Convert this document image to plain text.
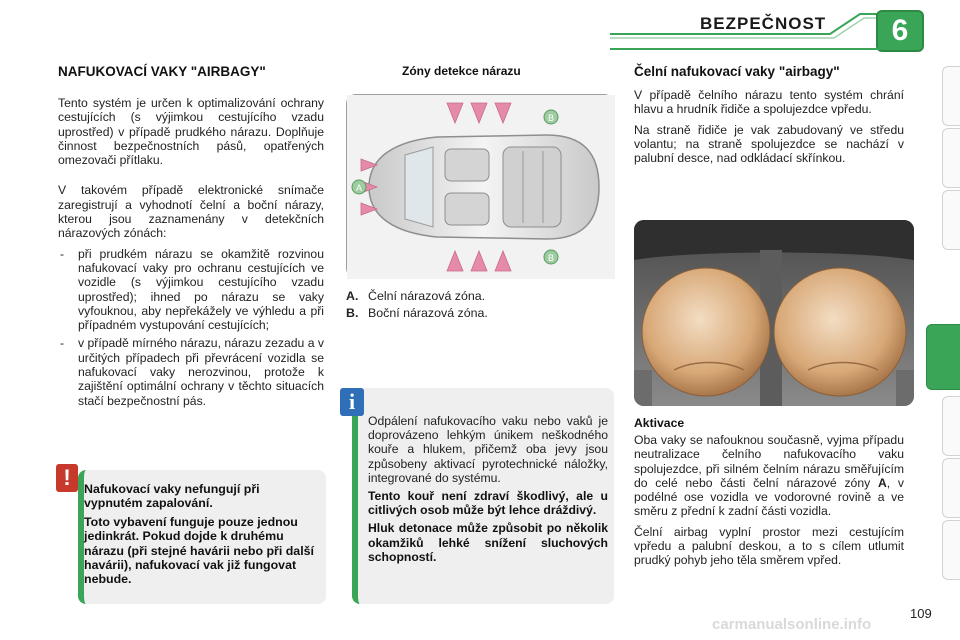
BEZPEČNOST	6
NAFUKOVACÍ VAKY "AIRBAGY"

Tento systém je určen k optimalizování ochrany cestujících (s výjimkou cestujícího vzadu uprostřed) v případě prudkého nárazu. Doplňuje činnost bezpečnostních pásů, opatřených omezovači přítlaku.

V takovém případě elektronické snímače zaregistrují a vyhodnotí čelní a boční nárazy, kterou jsou zaznamenány v detekčních nárazových zónách:

- při prudkém nárazu se okamžitě rozvinou nafukovací vaky pro ochranu cestujících ve vozidle (s výjimkou cestujícího vzadu uprostřed); ihned po nárazu se vaky vyfouknou, aby nepřekážely ve výhledu a při případném vystupování cestujících;
- v případě mírného nárazu, nárazu zezadu a v určitých případech při převrácení vozidla se nafukovací vaky nerozvinou, protože k zajištění optimální ochrany v těchto situacích stačí bezpečnostní pás.
!	Nafukovací vaky nefungují při vypnutém zapalování.

Toto vybavení funguje pouze jednou jedinkrát. Pokud dojde k druhému nárazu (při stejné havárii nebo při další havárii), nafukovací vak již fungovat nebude.

Zóny detekce nárazu
A
B
B
A. Čelní nárazová zóna.
B. Boční nárazová zóna.
i

Odpálení nafukovacího vaku nebo vaků je doprovázeno lehkým únikem neškodného kouře a hlukem, přičemž oba jevy jsou způsobeny aktivací pyrotechnické náložky, integrované do systému.

Tento kouř není zdraví škodlivý, ale u citlivých osob může být lehce dráždivý.

Hluk detonace může způsobit po několik okamžiků lehké snížení sluchových schopností.

Čelní nafukovací vaky "airbagy"

V případě čelního nárazu tento systém chrání hlavu a hrudník řidiče a spolujezdce vpředu.

Na straně řidiče je vak zabudovaný ve středu volantu; na straně spolujezdce se nachází v palubní desce, nad odkládací skřínkou.

Aktivace

Oba vaky se nafouknou současně, vyjma případu neutralizace čelního nafukovacího vaku spolujezdce, při silném čelním nárazu směřujícím do celé nebo části čelní nárazové zóny A, v podélné ose vozidla ve vodorovné rovině a ve směru z přední k zadní části vozidla.

Čelní airbag vyplní prostor mezi cestujícím vpředu a palubní deskou, a to s cílem utlumit prudký pohyb jeho těla směrem vpřed.

carmanualsonline.info
109
